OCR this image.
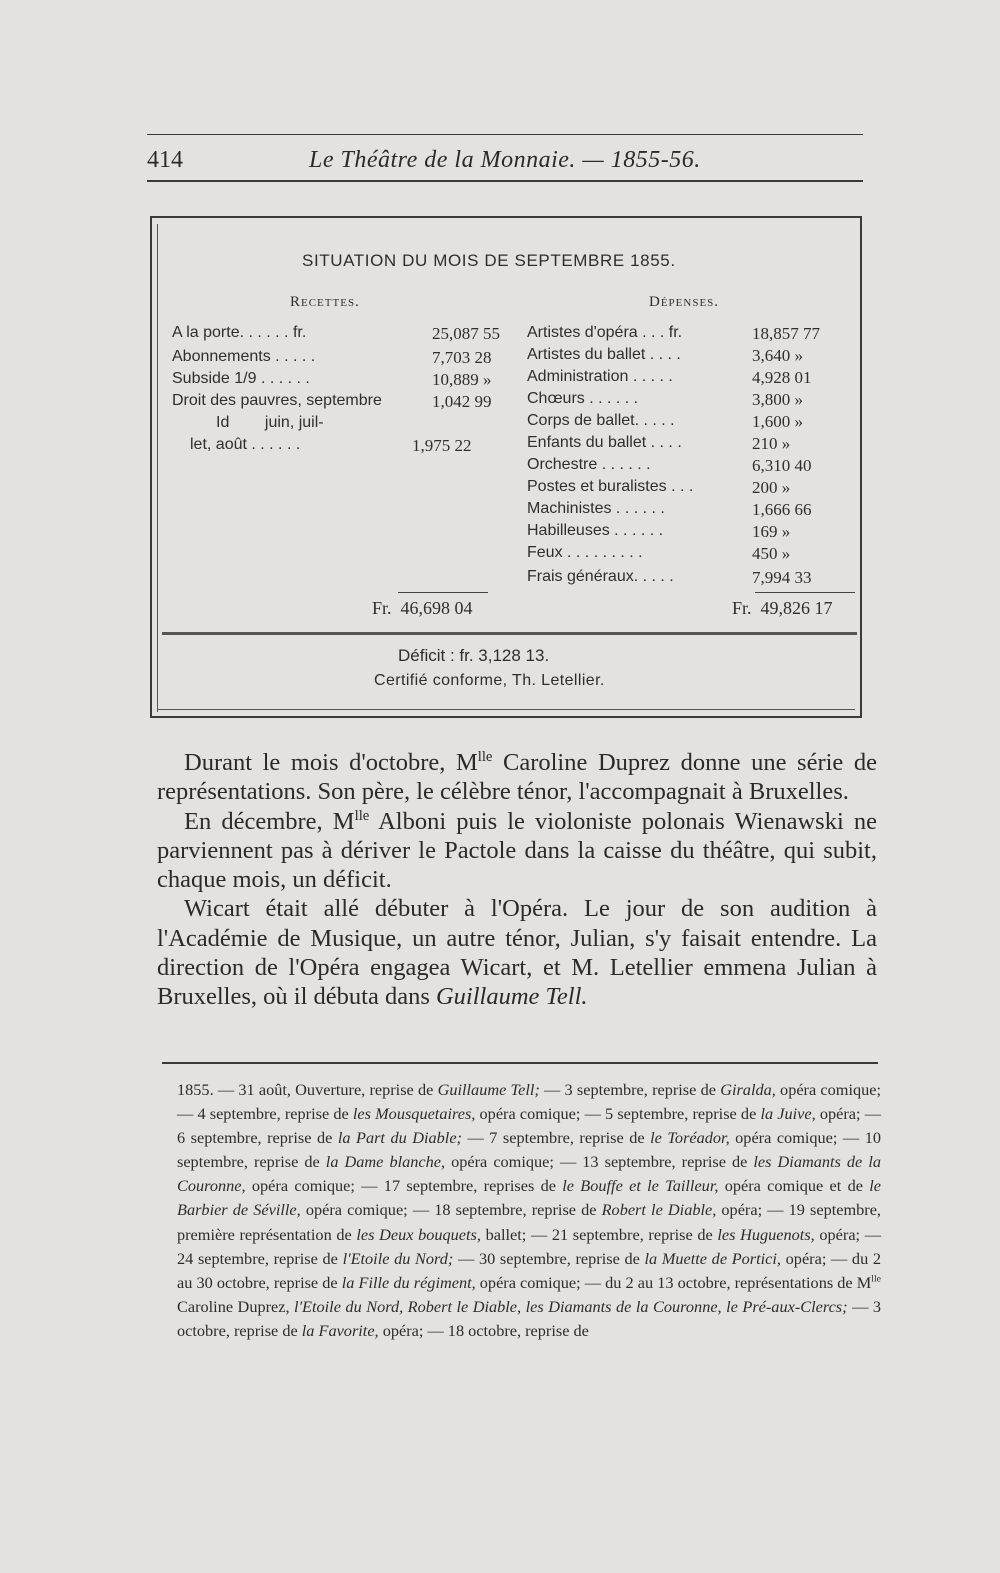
414	Le Théâtre de la Monnaie. — 1855-56.
SITUATION DU MOIS DE SEPTEMBRE 1855.
Recettes.	Dépenses.
A la porte. . . . . . fr.	25,087 55
Abonnements . . . . .	7,703 28
Subside 1/9 . . . . . .	10,889 »
Droit des pauvres, septembre	1,042 99
Id        juin, juil-
let, août . . . . . .	1,975 22
Artistes d'opéra . . . fr.	18,857 77
Artistes du ballet . . . .	3,640 »
Administration . . . . .	4,928 01
Chœurs . . . . . .	3,800 »
Corps de ballet. . . . .	1,600 »
Enfants du ballet . . . .	210 »
Orchestre . . . . . .	6,310 40
Postes et buralistes . . .	200 »
Machinistes . . . . . .	1,666 66
Habilleuses . . . . . .	169 »
Feux . . . . . . . . .	450 »
Frais généraux. . . . .	7,994 33
Fr. 46,698 04	Fr. 49,826 17
Déficit : fr. 3,128 13.
Certifié conforme, Th. Letellier.

Durant le mois d'octobre, $M^{lle}$ Caroline Duprez donne une série de représentations. Son père, le célèbre ténor, l'accompagnait à Bruxelles.

En décembre, $M^{lle}$ Alboni puis le violoniste polonais Wienawski ne parviennent pas à dériver le Pactole dans la caisse du théâtre, qui subit, chaque mois, un déficit.

Wicart était allé débuter à l'Opéra. Le jour de son audition à l'Académie de Musique, un autre ténor, Julian, s'y faisait entendre. La direction de l'Opéra engagea Wicart, et M. Letellier emmena Julian à Bruxelles, où il débuta dans Guillaume Tell.

1855. — 31 août, Ouverture, reprise de Guillaume Tell; — 3 septembre, reprise de Giralda, opéra comique; — 4 septembre, reprise de les Mousquetaires, opéra comique; — 5 septembre, reprise de la Juive, opéra; — 6 septembre, reprise de la Part du Diable; — 7 septembre, reprise de le Toréador, opéra comique; — 10 septembre, reprise de la Dame blanche, opéra comique; — 13 septembre, reprise de les Diamants de la Couronne, opéra comique; — 17 septembre, reprises de le Bouffe et le Tailleur, opéra comique et de le Barbier de Séville, opéra comique; — 18 septembre, reprise de Robert le Diable, opéra; — 19 septembre, première représentation de les Deux bouquets, ballet; — 21 septembre, reprise de les Huguenots, opéra; — 24 septembre, reprise de l'Etoile du Nord; — 30 septembre, reprise de la Muette de Portici, opéra; — du 2 au 30 octobre, reprise de la Fille du régiment, opéra comique; — du 2 au 13 octobre, représentations de $M^{lle}$ Caroline Duprez, l'Etoile du Nord, Robert le Diable, les Diamants de la Couronne, le Pré-aux-Clercs; — 3 octobre, reprise de la Favorite, opéra; — 18 octobre, reprise de
